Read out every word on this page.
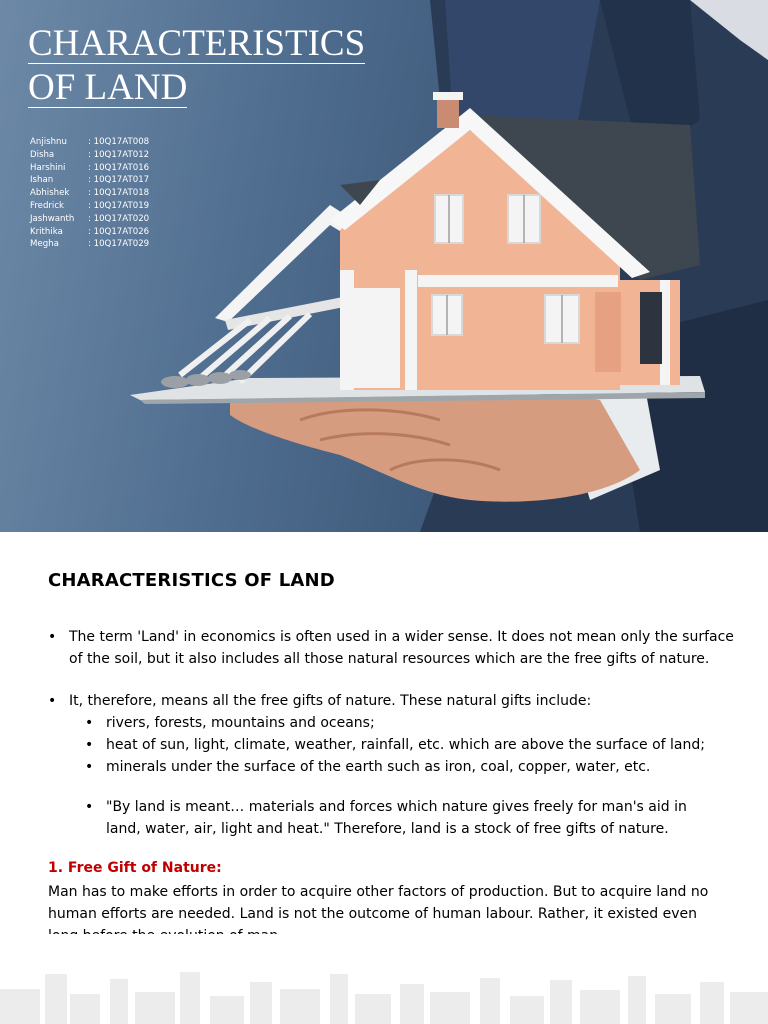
CHARACTERISTICS
OF LAND
Anjishnu	: 10Q17AT008
Disha	: 10Q17AT012
Harshini	: 10Q17AT016
Ishan	: 10Q17AT017
Abhishek	: 10Q17AT018
Fredrick	: 10Q17AT019
Jashwanth	: 10Q17AT020
Krithika	: 10Q17AT026
Megha	: 10Q17AT029
CHARACTERISTICS OF LAND
• The term 'Land' in economics is often used in a wider sense. It does not mean only the surface
of the soil, but it also includes all those natural resources which are the free gifts of nature.
• It, therefore, means all the free gifts of nature. These natural gifts include:
• rivers, forests, mountains and oceans;
• heat of sun, light, climate, weather, rainfall, etc. which are above the surface of land;
• minerals under the surface of the earth such as iron, coal, copper, water, etc.
• "By land is meant… materials and forces which nature gives freely for man's aid in
land, water, air, light and heat." Therefore, land is a stock of free gifts of nature.
1. Free Gift of Nature:
Man has to make efforts in order to acquire other factors of production. But to acquire land no
human efforts are needed. Land is not the outcome of human labour. Rather, it existed even
